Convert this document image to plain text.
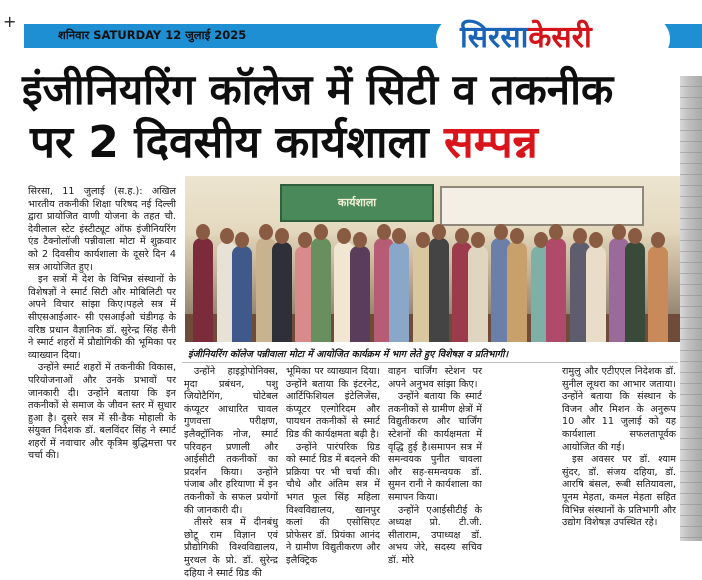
+
शनिवार SATURDAY 12 जुलाई 2025	सिरसाकेसरी
इंजीनियरिंग कॉलेज में सिटी व तकनीक
पर 2 दिवसीय कार्यशाला सम्पन्न

सिरसा, 11 जुलाई (स.ह.): अखिल भारतीय तकनीकी शिक्षा परिषद नई दिल्ली द्वारा प्रायोजित वाणी योजना के तहत चौ. देवीलाल स्टेट इंस्टीट्यूट ऑफ इंजीनियरिंग एंड टैक्नोलॉजी पन्नीवाला मोटा में शुक्रवार को 2 दिवसीय कार्यशाला के दूसरे दिन 4 सत्र आयोजित हुए।

इन सत्रों में देश के विभिन्न संस्थानों के विशेषज्ञों ने स्मार्ट सिटी और मोबिलिटी पर अपने विचार सांझा किए।पहले सत्र में सीएसआईआर- सी एसआईओ चंडीगढ़ के वरिष्ठ प्रधान वैज्ञानिक डॉ. सुरेन्द्र सिंह सैनी ने स्मार्ट शहरों में प्रौद्योगिकी की भूमिका पर व्याख्यान दिया।

उन्होंने स्मार्ट शहरों में तकनीकी विकास, परियोजनाओं और उनके प्रभावों पर जानकारी दी। उन्होंने बताया कि इन तकनीकों से समाज के जीवन स्तर में सुधार हुआ है। दूसरे सत्र में सी-डैक मोहाली के संयुक्त निदेशक डॉ. बलविंदर सिंह ने स्मार्ट शहरों में नवाचार और कृत्रिम बुद्धिमत्ता पर चर्चा की।

कार्यशाला
इंजीनियरिंग कॉलेज पन्नीवाला मोटा में आयोजित कार्यक्रम में भाग लेते हुए विशेषज्ञ व प्रतिभागी।

उन्होंने हाइड्रोपोनिक्स, मृदा प्रबंधन, पशु जियोटैगिंग, चोटेबल कंप्यूटर आधारित चावल गुणवत्ता परीक्षण, इलैक्ट्रॉनिक नोज, स्मार्ट परिवहन प्रणाली और आईसीटी तकनीकों का प्रदर्शन किया। उन्होंने पंजाब और हरियाणा में इन तकनीकों के सफल प्रयोगों की जानकारी दी।

तीसरे सत्र में दीनबंधु छोटू राम विज्ञान एवं प्रौद्योगिकी विश्वविद्यालय, मुरथल के प्रो. डॉ. सुरेन्द्र दहिया ने स्मार्ट ग्रिड की

भूमिका पर व्याख्यान दिया। उन्होंने बताया कि इंटरनेट, आर्टिफिशियल इंटेलिजेंस, कंप्यूटर एल्गोरिदम और पायथन तकनीकों से स्मार्ट ग्रिड की कार्यक्षमता बढ़ी है।

उन्होंने पारंपरिक ग्रिड को स्मार्ट ग्रिड में बदलने की प्रक्रिया पर भी चर्चा की। चौथे और अंतिम सत्र में भगत फूल सिंह महिला विश्वविद्यालय, खानपुर कलां की एसोसिएट प्रोफेसर डॉ. प्रियंका आनंद ने ग्रामीण विद्युतीकरण और इलैक्ट्रिक

वाहन चार्जिंग स्टेशन पर अपने अनुभव सांझा किए।

उन्होंने बताया कि स्मार्ट तकनीकों से ग्रामीण क्षेत्रों में विद्युतीकरण और चार्जिंग स्टेशनों की कार्यक्षमता में वृद्धि हुई है।समापन सत्र में समन्वयक पुनीत चावला और सह-समन्वयक डॉ. सुमन रानी ने कार्यशाला का समापन किया।

उन्होंने एआईसीटीई के अध्यक्ष प्रो. टी.जी. सीताराम, उपाध्यक्ष डॉ. अभय जेरे, सदस्य सचिव डॉ. मोरे

रामुलु और एटीएएल निदेशक डॉ. सुनील लूथरा का आभार जताया। उन्होंने बताया कि संस्थान के विजन और मिशन के अनुरूप 10 और 11 जुलाई को यह कार्यशाला सफलतापूर्वक आयोजित की गई।

इस अवसर पर डॉ. श्याम सुंदर, डॉ. संजय दहिया, डॉ. आरषि बंसल, रूबी सतियावला, पूनम मेहता, कमल मेहता सहित विभिन्न संस्थानों के प्रतिभागी और उद्योग विशेषज्ञ उपस्थित रहे।
